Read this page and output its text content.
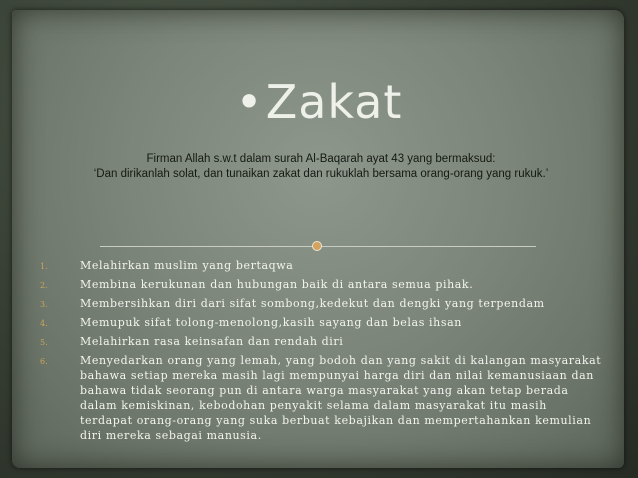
•Zakat
Firman Allah s.w.t dalam surah Al-Baqarah ayat 43 yang bermaksud:
‘Dan dirikanlah solat, dan tunaikan zakat dan rukuklah bersama orang-orang yang rukuk.’
1.	Melahirkan muslim yang bertaqwa
2.	Membina kerukunan dan hubungan baik di antara semua pihak.
3.	Membersihkan diri dari sifat sombong,kedekut dan dengki yang terpendam
4.	Memupuk sifat tolong-menolong,kasih sayang dan belas ihsan
5.	Melahirkan rasa keinsafan dan rendah diri
6.	Menyedarkan orang yang lemah, yang bodoh dan yang sakit di kalangan masyarakat bahawa setiap mereka masih lagi mempunyai harga diri dan nilai kemanusiaan dan bahawa tidak seorang pun di antara warga masyarakat yang akan tetap berada dalam kemiskinan, kebodohan penyakit selama dalam masyarakat itu masih terdapat orang-orang yang suka berbuat kebajikan dan mempertahankan kemulian diri mereka sebagai manusia.
